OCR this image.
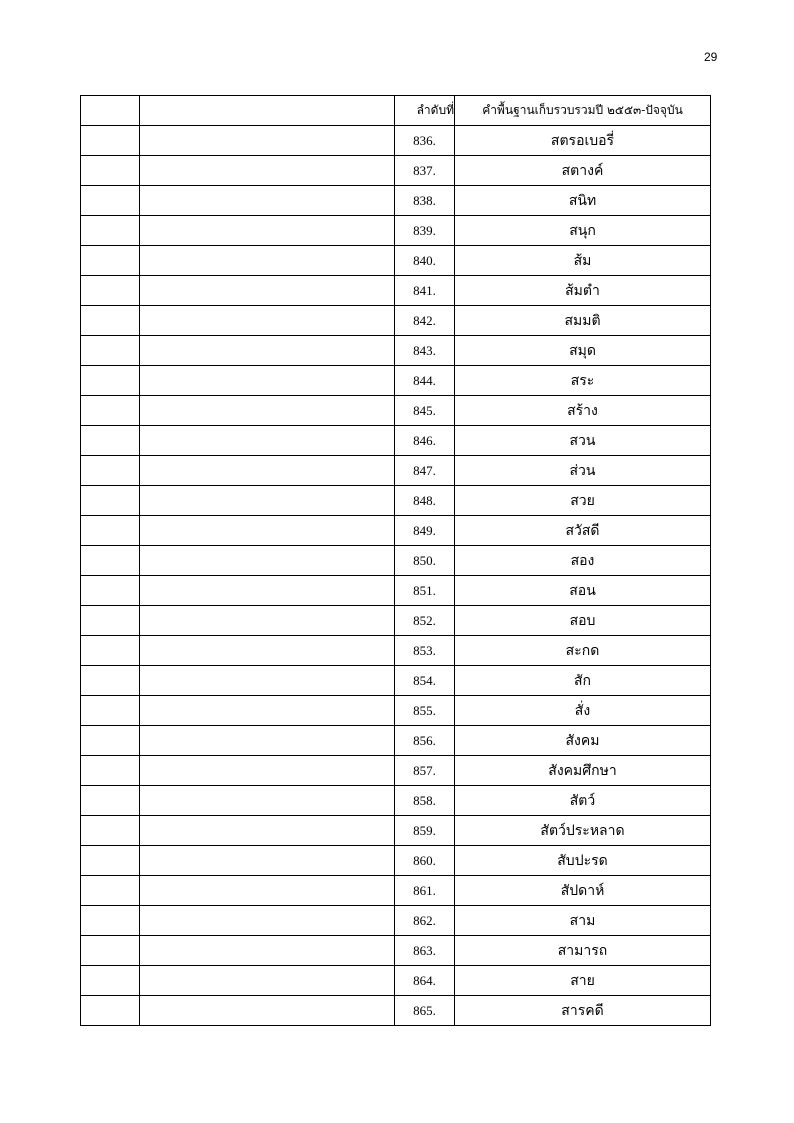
29
		ลำดับที่	คำพื้นฐานเก็บรวบรวมปี ๒๕๕๓-ปัจจุบัน
		836.	สตรอเบอรี่
		837.	สตางค์
		838.	สนิท
		839.	สนุก
		840.	ส้ม
		841.	ส้มตำ
		842.	สมมติ
		843.	สมุด
		844.	สระ
		845.	สร้าง
		846.	สวน
		847.	ส่วน
		848.	สวย
		849.	สวัสดี
		850.	สอง
		851.	สอน
		852.	สอบ
		853.	สะกด
		854.	สัก
		855.	สั่ง
		856.	สังคม
		857.	สังคมศึกษา
		858.	สัตว์
		859.	สัตว์ประหลาด
		860.	สับปะรด
		861.	สัปดาห์
		862.	สาม
		863.	สามารถ
		864.	สาย
		865.	สารคดี
